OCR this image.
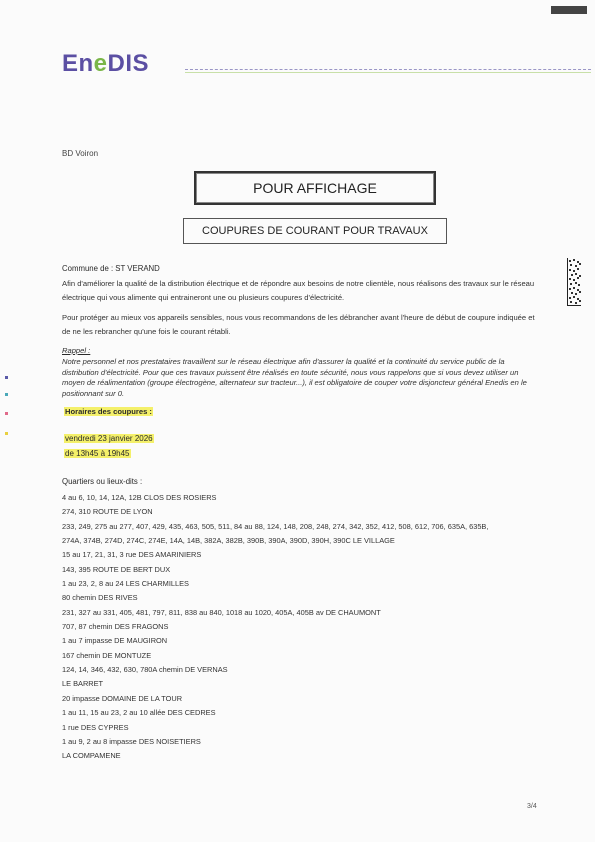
EneDIS
BD Voiron
POUR AFFICHAGE
COUPURES DE COURANT POUR TRAVAUX
Commune de : ST VERAND
Afin d'améliorer la qualité de la distribution électrique et de répondre aux besoins de notre clientèle, nous réalisons des travaux sur le réseau électrique qui vous alimente qui entraineront une ou plusieurs coupures d'électricité.
Pour protéger au mieux vos appareils sensibles, nous vous recommandons de les débrancher avant l'heure de début de coupure indiquée et de ne les rebrancher qu'une fois le courant rétabli.
Rappel :
Notre personnel et nos prestataires travaillent sur le réseau électrique afin d'assurer la qualité et la continuité du service public de la distribution d'électricité. Pour que ces travaux puissent être réalisés en toute sécurité, nous vous rappelons que si vous devez utiliser un moyen de réalimentation (groupe électrogène, alternateur sur tracteur...), il est obligatoire de couper votre disjoncteur général Enedis en le positionnant sur 0.
Horaires des coupures :
vendredi 23 janvier 2026
de 13h45 à 19h45
Quartiers ou lieux-dits :
4 au 6, 10, 14, 12A, 12B CLOS DES ROSIERS
274, 310 ROUTE DE LYON
233, 249, 275 au 277, 407, 429, 435, 463, 505, 511, 84 au 88, 124, 148, 208, 248, 274, 342, 352, 412, 508, 612, 706, 635A, 635B,
274A, 374B, 274D, 274C, 274E, 14A, 14B, 382A, 382B, 390B, 390A, 390D, 390H, 390C LE VILLAGE
15 au 17, 21, 31, 3 rue DES AMARINIERS
143, 395 ROUTE DE BERT DUX
1 au 23, 2, 8 au 24 LES CHARMILLES
80 chemin DES RIVES
231, 327 au 331, 405, 481, 797, 811, 838 au 840, 1018 au 1020, 405A, 405B av DE CHAUMONT
707, 87 chemin DES FRAGONS
1 au 7 impasse DE MAUGIRON
167 chemin DE MONTUZE
124, 14, 346, 432, 630, 780A chemin DE VERNAS
LE BARRET
20 impasse DOMAINE DE LA TOUR
1 au 11, 15 au 23, 2 au 10 allée DES CEDRES
1 rue DES CYPRES
1 au 9, 2 au 8 impasse DES NOISETIERS
LA COMPAMENE
3/4
